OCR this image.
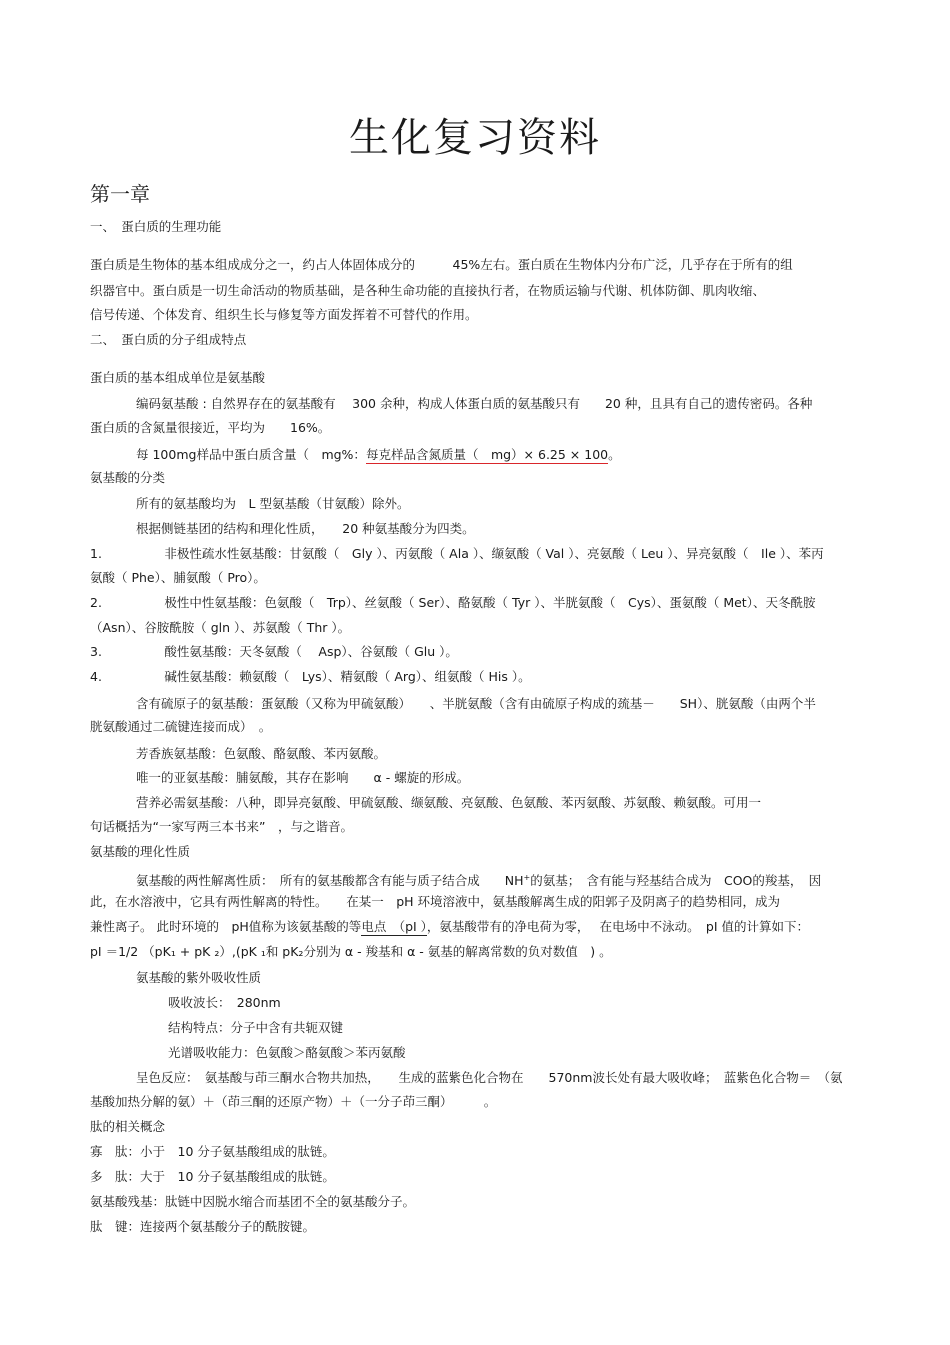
生化复习资料
第一章
一、　蛋白质的生理功能
蛋白质是生物体的基本组成成分之一，约占人体固体成分的　　　45%左右。蛋白质在生物体内分布广泛，几乎存在于所有的组
织器官中。蛋白质是一切生命活动的物质基础，是各种生命功能的直接执行者，在物质运输与代谢、机体防御、肌肉收缩、
信号传递、个体发育、组织生长与修复等方面发挥着不可替代的作用。
二、　蛋白质的分子组成特点
蛋白质的基本组成单位是氨基酸
编码氨基酸 : 自然界存在的氨基酸有　 300 余种，构成人体蛋白质的氨基酸只有　　20 种，且具有自己的遗传密码。各种
蛋白质的含氮量很接近，平均为　　16%。
每 100mg样品中蛋白质含量（　mg%：每克样品含氮质量（　mg）× 6.25 × 100。
氨基酸的分类
所有的氨基酸均为　L 型氨基酸（甘氨酸）除外。
根据侧链基团的结构和理化性质，　　20 种氨基酸分为四类。
1.　　　　　非极性疏水性氨基酸：甘氨酸（　Gly ）、丙氨酸（ Ala ）、缬氨酸（ Val ）、亮氨酸（ Leu ）、异亮氨酸（　Ile ）、苯丙
氨酸（ Phe）、脯氨酸（ Pro）。
2.　　　　　极性中性氨基酸：色氨酸（　Trp）、丝氨酸（ Ser）、酪氨酸（ Tyr ）、半胱氨酸（　Cys）、蛋氨酸（ Met）、天冬酰胺
（Asn）、谷胺酰胺（ gln ）、苏氨酸（ Thr ）。
3.　　　　　酸性氨基酸：天冬氨酸（　 Asp）、谷氨酸（ Glu ）。
4.　　　　　碱性氨基酸：赖氨酸（　Lys）、精氨酸（ Arg）、组氨酸（ His ）。
含有硫原子的氨基酸：蛋氨酸（又称为甲硫氨酸）　　、半胱氨酸（含有由硫原子构成的巯基－　　SH）、胱氨酸（由两个半
胱氨酸通过二硫键连接而成）　。
芳香族氨基酸：色氨酸、酪氨酸、苯丙氨酸。
唯一的亚氨基酸：脯氨酸，其存在影响　　α - 螺旋的形成。
营养必需氨基酸：八种，即异亮氨酸、甲硫氨酸、缬氨酸、亮氨酸、色氨酸、苯丙氨酸、苏氨酸、赖氨酸。可用一
句话概括为“一家写两三本书来”　，与之谐音。
氨基酸的理化性质
氨基酸的两性解离性质：　所有的氨基酸都含有能与质子结合成　　NH+的氨基；　含有能与羟基结合成为　COO的羧基，　因
此，在水溶液中，它具有两性解离的特性。　　在某一　pH 环境溶液中，氨基酸解离生成的阳郭子及阴离子的趋势相同，成为
兼性离子。 此时环境的　pH值称为该氨基酸的等电点　（pI ），氨基酸带有的净电荷为零，　 在电场中不泳动。　pI 值的计算如下：
pI ＝1/2 （pK₁ + pK ₂）,(pK ₁和 pK₂分别为 α - 羧基和 α - 氨基的解离常数的负对数值　) 。
氨基酸的紫外吸收性质
吸收波长：　280nm
结构特点：分子中含有共轭双键
光谱吸收能力：色氨酸＞酪氨酸＞苯丙氨酸
呈色反应：　氨基酸与茚三酮水合物共加热，　　生成的蓝紫色化合物在　　570nm波长处有最大吸收峰；　蓝紫色化合物＝　（氨
基酸加热分解的氨）＋（茚三酮的还原产物）＋（一分子茚三酮）　　　。
肽的相关概念
寡　肽：小于　10 分子氨基酸组成的肽链。
多　肽：大于　10 分子氨基酸组成的肽链。
氨基酸残基：肽链中因脱水缩合而基团不全的氨基酸分子。
肽　键：连接两个氨基酸分子的酰胺键。
